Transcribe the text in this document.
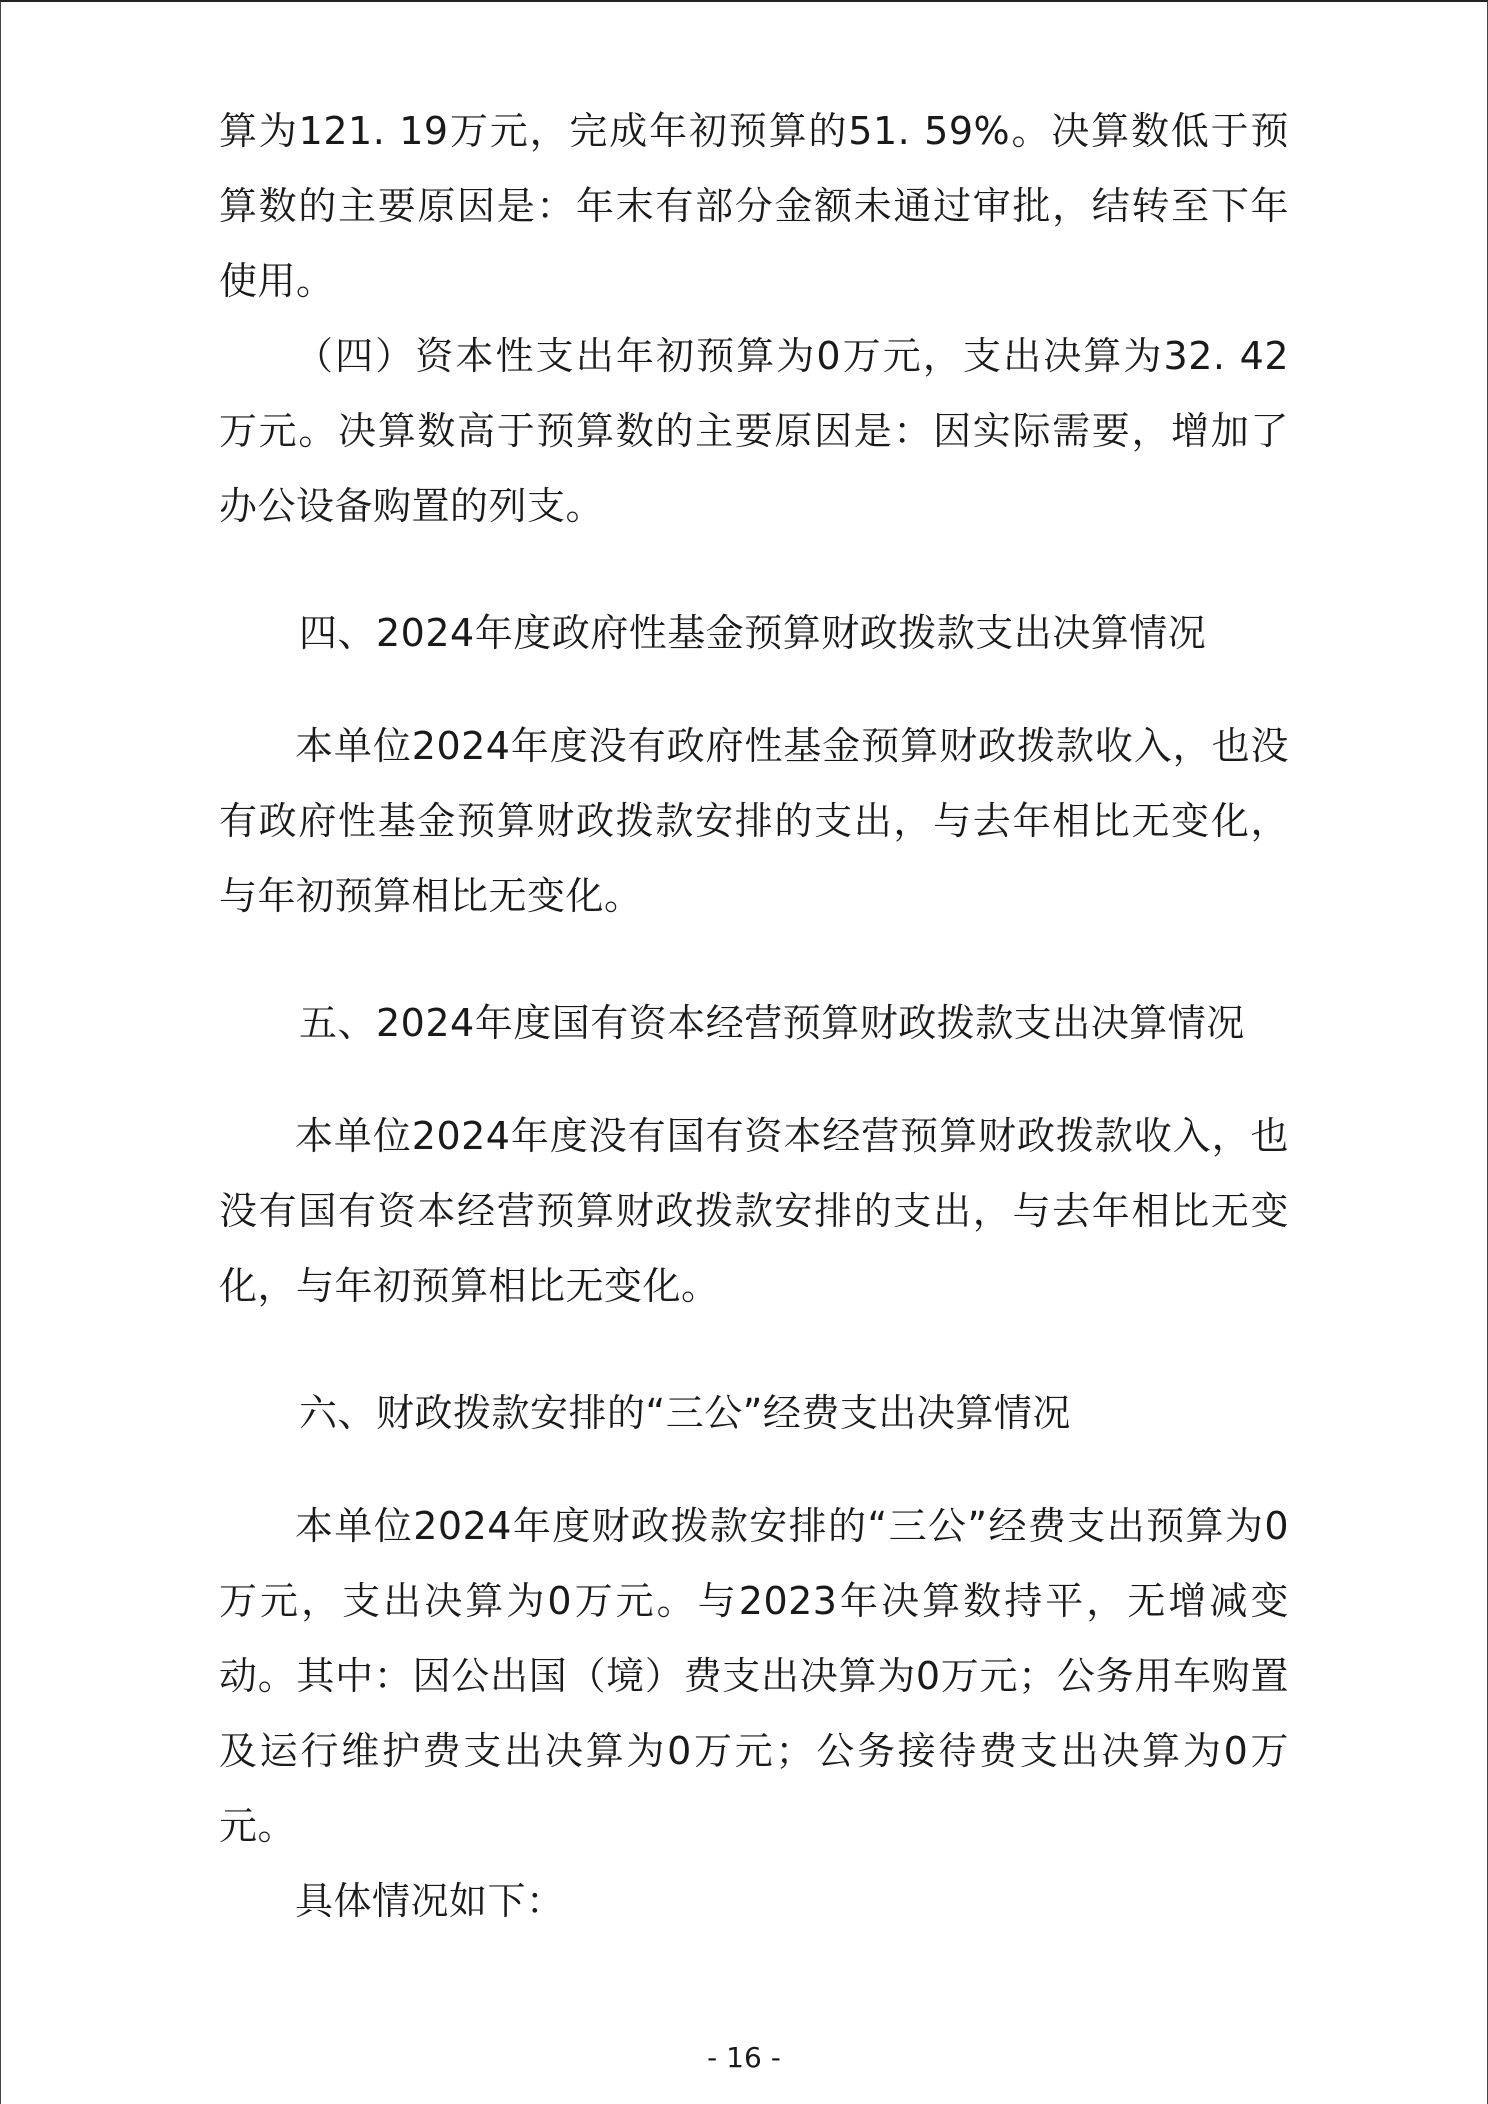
算为121. 19万元，完成年初预算的51. 59%。决算数低于预算数的主要原因是：年末有部分金额未通过审批，结转至下年使用。

（四）资本性支出年初预算为0万元，支出决算为32. 42万元。决算数高于预算数的主要原因是：因实际需要，增加了办公设备购置的列支。

四、2024年度政府性基金预算财政拨款支出决算情况

本单位2024年度没有政府性基金预算财政拨款收入，也没有政府性基金预算财政拨款安排的支出，与去年相比无变化，与年初预算相比无变化。

五、2024年度国有资本经营预算财政拨款支出决算情况

本单位2024年度没有国有资本经营预算财政拨款收入，也没有国有资本经营预算财政拨款安排的支出，与去年相比无变化，与年初预算相比无变化。

六、财政拨款安排的“三公”经费支出决算情况

本单位2024年度财政拨款安排的“三公”经费支出预算为0万元，支出决算为0万元。与2023年决算数持平，无增减变动。其中：因公出国（境）费支出决算为0万元；公务用车购置及运行维护费支出决算为0万元；公务接待费支出决算为0万元。

具体情况如下：

- 16 -
